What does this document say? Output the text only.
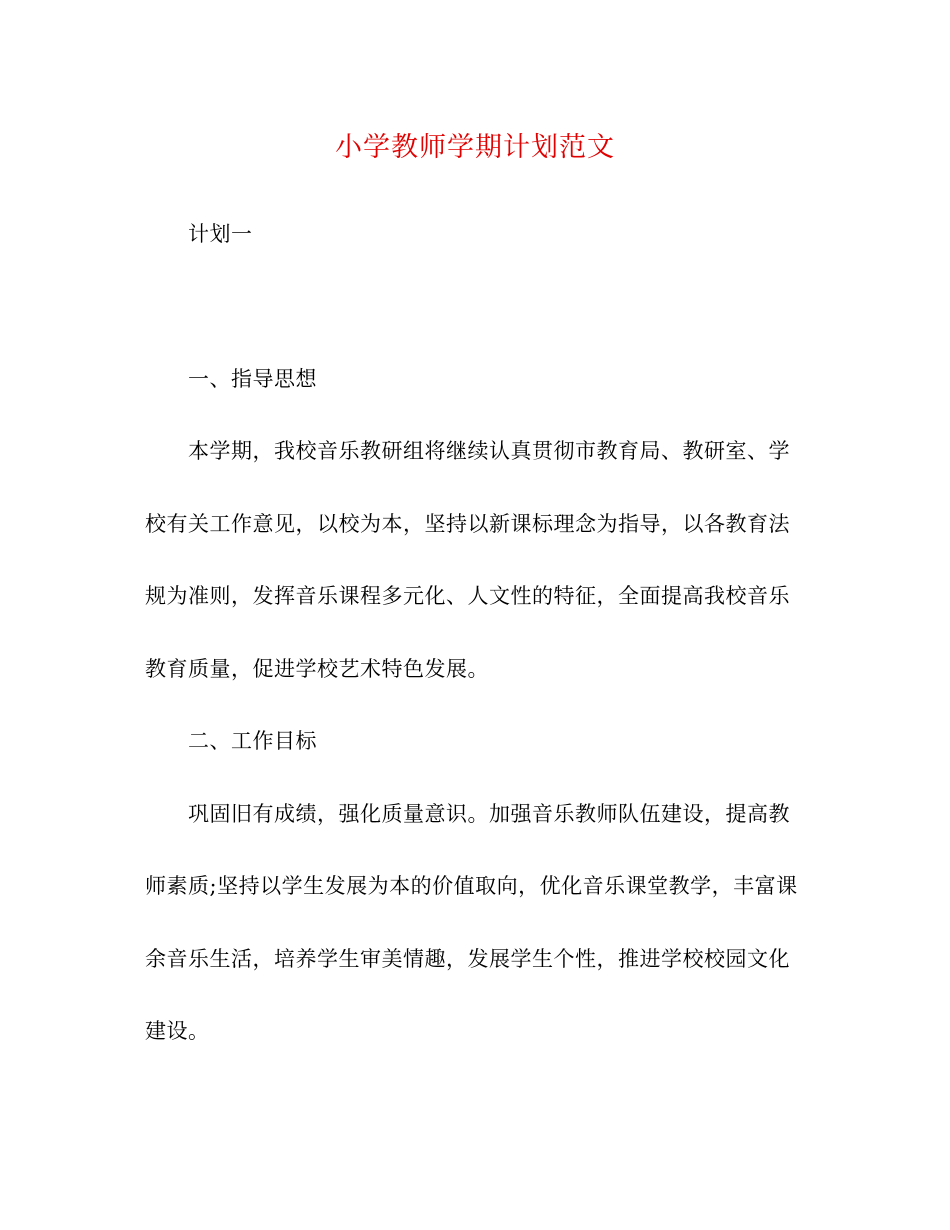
小学教师学期计划范文
计划一
一、指导思想
本学期，我校音乐教研组将继续认真贯彻市教育局、教研室、学
校有关工作意见，以校为本，坚持以新课标理念为指导，以各教育法
规为准则，发挥音乐课程多元化、人文性的特征，全面提高我校音乐
教育质量，促进学校艺术特色发展。
二、工作目标
巩固旧有成绩，强化质量意识。加强音乐教师队伍建设，提高教
师素质;坚持以学生发展为本的价值取向，优化音乐课堂教学，丰富课
余音乐生活，培养学生审美情趣，发展学生个性，推进学校校园文化
建设。
